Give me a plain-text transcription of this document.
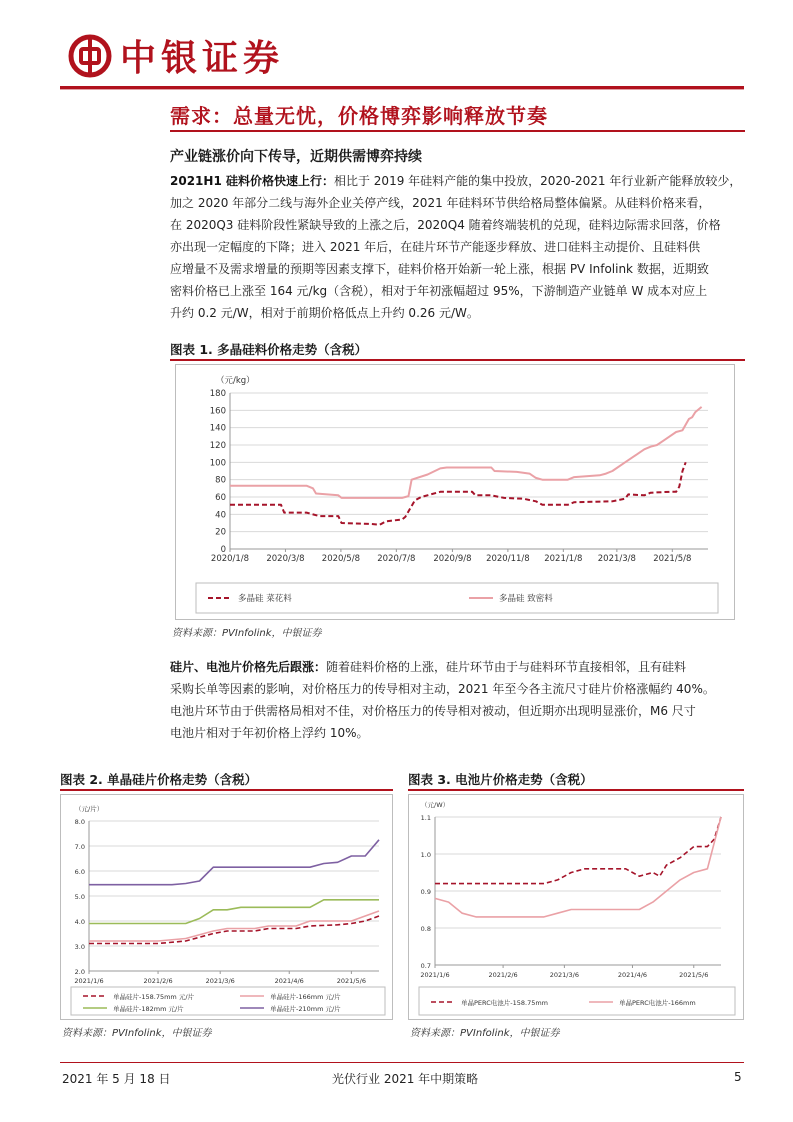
中银证券
需求：总量无忧，价格博弈影响释放节奏
产业链涨价向下传导，近期供需博弈持续
2021H1 硅料价格快速上行：相比于 2019 年硅料产能的集中投放，2020-2021 年行业新产能释放较少，
加之 2020 年部分二线与海外企业关停产线，2021 年硅料环节供给格局整体偏紧。从硅料价格来看，
在 2020Q3 硅料阶段性紧缺导致的上涨之后，2020Q4 随着终端装机的兑现，硅料边际需求回落，价格
亦出现一定幅度的下降；进入 2021 年后，在硅片环节产能逐步释放、进口硅料主动提价、且硅料供
应增量不及需求增量的预期等因素支撑下，硅料价格开始新一轮上涨，根据 PV Infolink 数据，近期致
密料价格已上涨至 164 元/kg（含税），相对于年初涨幅超过 95%，下游制造产业链单 W 成本对应上
升约 0.2 元/W，相对于前期价格低点上升约 0.26 元/W。
图表 1. 多晶硅料价格走势（含税）
（元/kg）
0
20
40
60
80
100
120
140
160
180
2020/1/8 2020/3/8 2020/5/8 2020/7/8 2020/9/8 2020/11/8 2021/1/8 2021/3/8 2021/5/8
多晶硅 菜花料	多晶硅 致密料
资料来源：PVInfolink，中银证券
硅片、电池片价格先后跟涨：随着硅料价格的上涨，硅片环节由于与硅料环节直接相邻，且有硅料
采购长单等因素的影响，对价格压力的传导相对主动，2021 年至今各主流尺寸硅片价格涨幅约 40%。
电池片环节由于供需格局相对不佳，对价格压力的传导相对被动，但近期亦出现明显涨价，M6 尺寸
电池片相对于年初价格上浮约 10%。
图表 2. 单晶硅片价格走势（含税）
（元/片）
2.0
3.0
4.0
5.0
6.0
7.0
8.0
2021/1/6	2021/2/6	2021/3/6	2021/4/6	2021/5/6
单晶硅片-158.75mm 元/片	单晶硅片-166mm 元/片
单晶硅片-182mm 元/片	单晶硅片-210mm 元/片
资料来源：PVInfolink，中银证券
图表 3. 电池片价格走势（含税）
（元/W）
0.7
0.8
0.9
1.0
1.1
2021/1/6	2021/2/6	2021/3/6	2021/4/6	2021/5/6
单晶PERC电池片-158.75mm	单晶PERC电池片-166mm
资料来源：PVInfolink，中银证券
2021 年 5 月 18 日	光伏行业 2021 年中期策略	5
